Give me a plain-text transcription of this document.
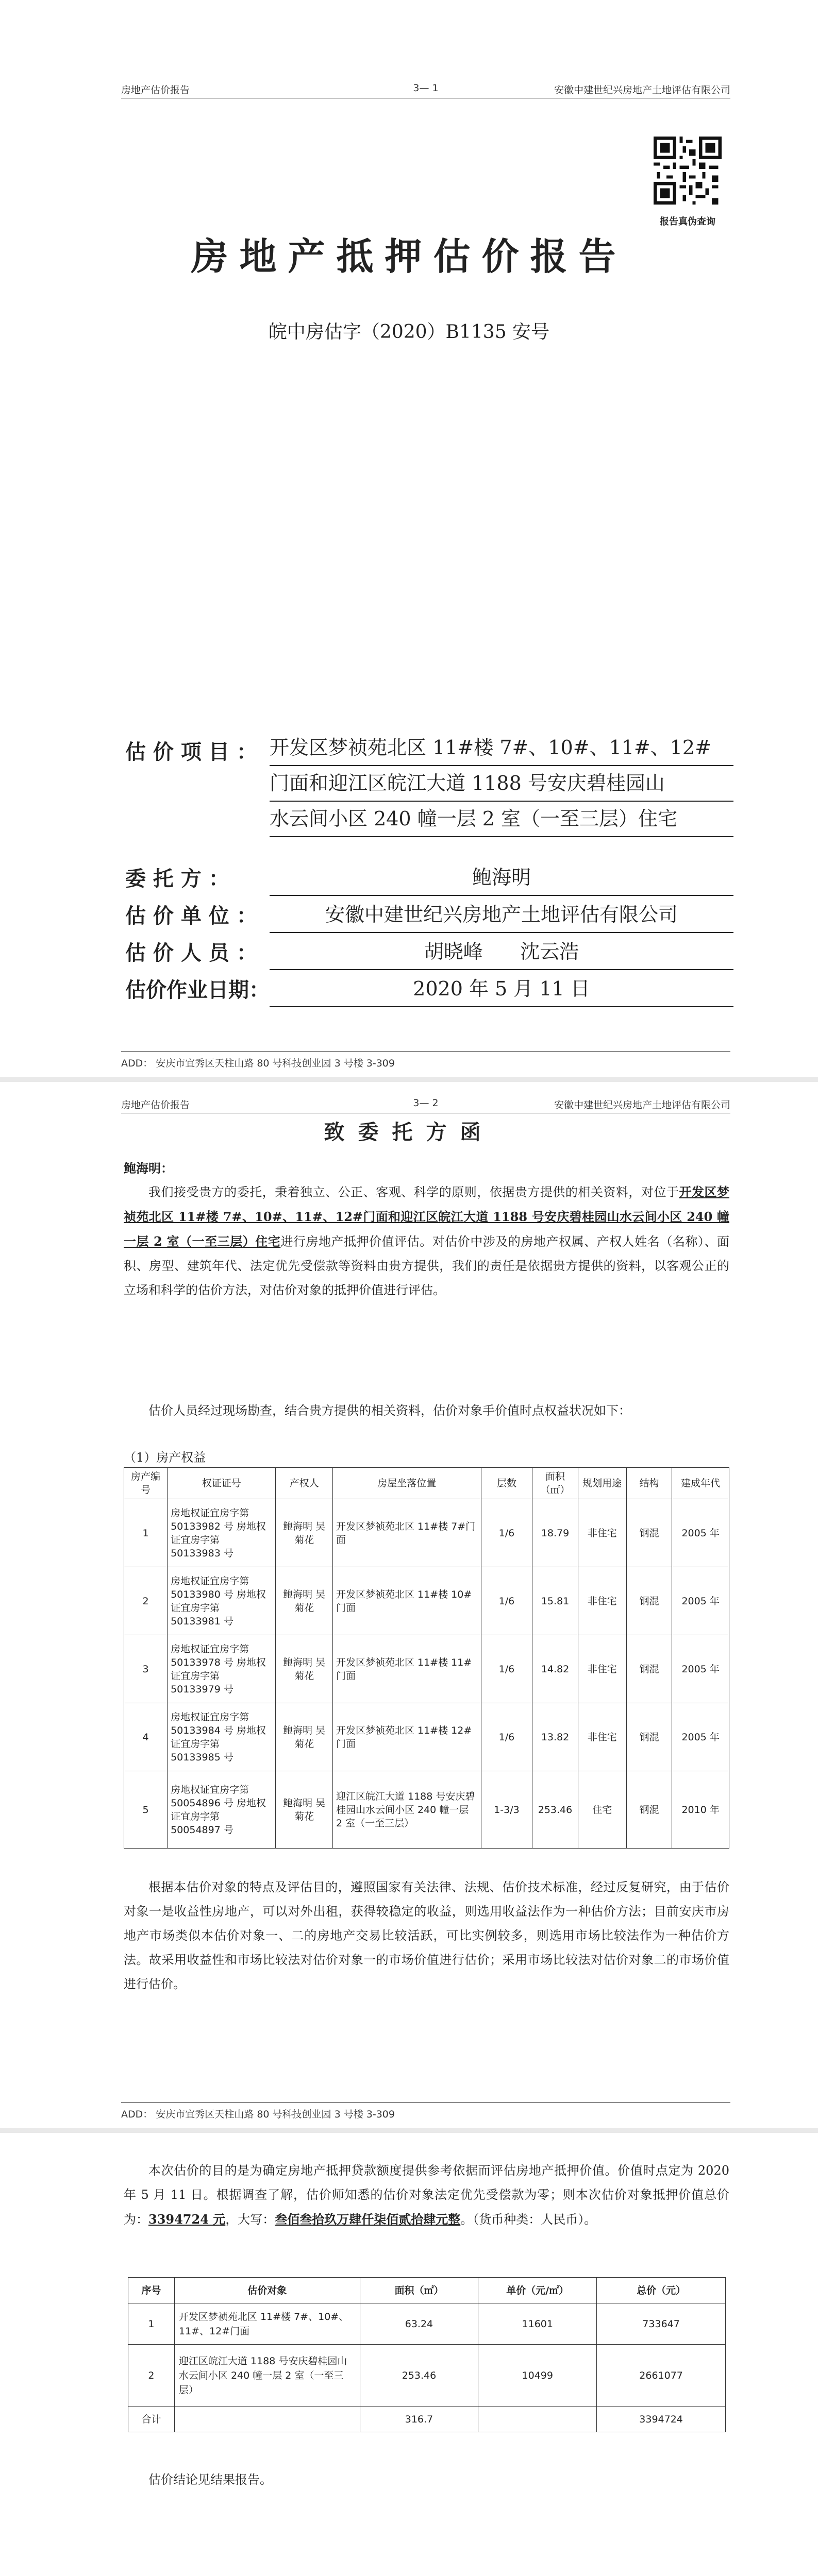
房地产估价报告	3— 1	安徽中建世纪兴房地产土地评估有限公司
报告真伪查询
房地产抵押估价报告
皖中房估字（2020）B1135 安号
估 价 项 目 ： 开发区梦祯苑北区 11#楼 7#、10#、11#、12#
门面和迎江区皖江大道 1188 号安庆碧桂园山
水云间小区 240 幢一层 2 室（一至三层）住宅
委 托 方 ：	鲍海明
估 价 单 位 ：	安徽中建世纪兴房地产土地评估有限公司
估 价 人 员 ：	胡晓峰      沈云浩
估价作业日期：	2020 年 5 月 11 日
ADD： 安庆市宜秀区天柱山路 80 号科技创业园 3 号楼 3-309
房地产估价报告	3— 2	安徽中建世纪兴房地产土地评估有限公司
致委托方函
鲍海明：
我们接受贵方的委托，秉着独立、公正、客观、科学的原则，依据贵方提供的相关资料，对位于开发区梦祯苑北区 11#楼 7#、10#、11#、12#门面和迎江区皖江大道 1188 号安庆碧桂园山水云间小区 240 幢一层 2 室（一至三层）住宅进行房地产抵押价值评估。对估价中涉及的房地产权属、产权人姓名（名称）、面积、房型、建筑年代、法定优先受偿款等资料由贵方提供，我们的责任是依据贵方提供的资料，以客观公正的立场和科学的估价方法，对估价对象的抵押价值进行评估。
估价人员经过现场勘查，结合贵方提供的相关资料，估价对象手价值时点权益状况如下：
（1）房产权益
房产编号	权证证号	产权人	房屋坐落位置	层数	面积（㎡）	规划用途	结构	建成年代
1	房地权证宜房字第 50133982 号 房地权证宜房字第 50133983 号	鲍海明 吴菊花	开发区梦祯苑北区 11#楼 7#门面	1/6	18.79	非住宅	钢混	2005 年
2	房地权证宜房字第 50133980 号 房地权证宜房字第 50133981 号	鲍海明 吴菊花	开发区梦祯苑北区 11#楼 10#门面	1/6	15.81	非住宅	钢混	2005 年
3	房地权证宜房字第 50133978 号 房地权证宜房字第 50133979 号	鲍海明 吴菊花	开发区梦祯苑北区 11#楼 11#门面	1/6	14.82	非住宅	钢混	2005 年
4	房地权证宜房字第 50133984 号 房地权证宜房字第 50133985 号	鲍海明 吴菊花	开发区梦祯苑北区 11#楼 12#门面	1/6	13.82	非住宅	钢混	2005 年
5	房地权证宜房字第 50054896 号 房地权证宜房字第 50054897 号	鲍海明 吴菊花	迎江区皖江大道 1188 号安庆碧桂园山水云间小区 240 幢一层 2 室（一至三层）	1-3/3	253.46	住宅	钢混	2010 年
根据本估价对象的特点及评估目的，遵照国家有关法律、法规、估价技术标准，经过反复研究，由于估价对象一是收益性房地产，可以对外出租，获得较稳定的收益，则选用收益法作为一种估价方法；目前安庆市房地产市场类似本估价对象一、二的房地产交易比较活跃，可比实例较多，则选用市场比较法作为一种估价方法。故采用收益性和市场比较法对估价对象一的市场价值进行估价；采用市场比较法对估价对象二的市场价值进行估价。
ADD： 安庆市宜秀区天柱山路 80 号科技创业园 3 号楼 3-309
本次估价的目的是为确定房地产抵押贷款额度提供参考依据而评估房地产抵押价值。价值时点定为 2020 年 5 月 11 日。根据调查了解，估价师知悉的估价对象法定优先受偿款为零；则本次估价对象抵押价值总价为：3394724 元，大写：叁佰叁拾玖万肆仟柒佰贰拾肆元整。（货币种类：人民币）。
序号	估价对象	面积（㎡）	单价（元/㎡）	总价（元）
1	开发区梦祯苑北区 11#楼 7#、10#、11#、12#门面	63.24	11601	733647
2	迎江区皖江大道 1188 号安庆碧桂园山水云间小区 240 幢一层 2 室（一至三层）	253.46	10499	2661077
合计		316.7		3394724
估价结论见结果报告。
